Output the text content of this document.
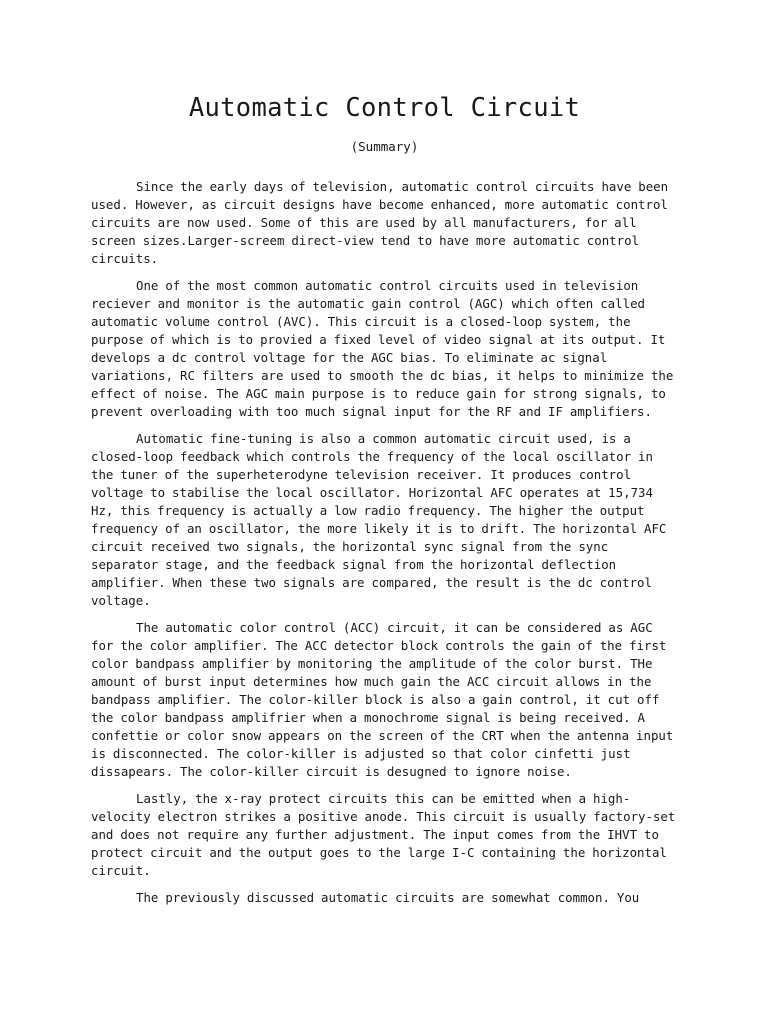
Automatic Control Circuit
(Summary)

Since the early days of television, automatic control circuits have been used. However, as circuit designs have become enhanced, more automatic control circuits are now used. Some of this are used by all manufacturers, for all screen sizes.Larger-screem direct-view tend to have more automatic control circuits.

One of the most common automatic control circuits used in television reciever and monitor is the automatic gain control (AGC) which often called automatic volume control (AVC). This circuit is a closed-loop system, the purpose of which is to provied a fixed level of video signal at its output. It develops a dc control voltage for the AGC bias. To eliminate ac signal variations, RC filters are used to smooth the dc bias, it helps to minimize the effect of noise. The AGC main purpose is to reduce gain for strong signals, to prevent overloading with too much signal input for the RF and IF amplifiers.

Automatic fine-tuning is also a common automatic circuit used, is a closed-loop feedback which controls the frequency of the local oscillator in the tuner of the superheterodyne television receiver. It produces control voltage to stabilise the local oscillator. Horizontal AFC operates at 15,734 Hz, this frequency is actually a low radio frequency. The higher the output frequency of an oscillator, the more likely it is to drift. The horizontal AFC circuit received two signals, the horizontal sync signal from the sync separator stage, and the feedback signal from the horizontal deflection amplifier. When these two signals are compared, the result is the dc control voltage.

The automatic color control (ACC) circuit, it can be considered as AGC for the color amplifier. The ACC detector block controls the gain of the first color bandpass amplifier by monitoring the amplitude of the color burst. THe amount of burst input determines how much gain the ACC circuit allows in the bandpass amplifier. The color-killer block is also a gain control, it cut off the color bandpass amplifrier when a monochrome signal is being received. A confettie or color snow appears on the screen of the CRT when the antenna input is disconnected. The color-killer is adjusted so that color cinfetti just dissapears. The color-killer circuit is desugned to ignore noise.

Lastly, the x-ray protect circuits this can be emitted when a high-velocity electron strikes a positive anode. This circuit is usually factory-set and does not require any further adjustment. The input comes from the IHVT to protect circuit and the output goes to the large I-C containing the horizontal circuit.

The previously discussed automatic circuits are somewhat common. You
